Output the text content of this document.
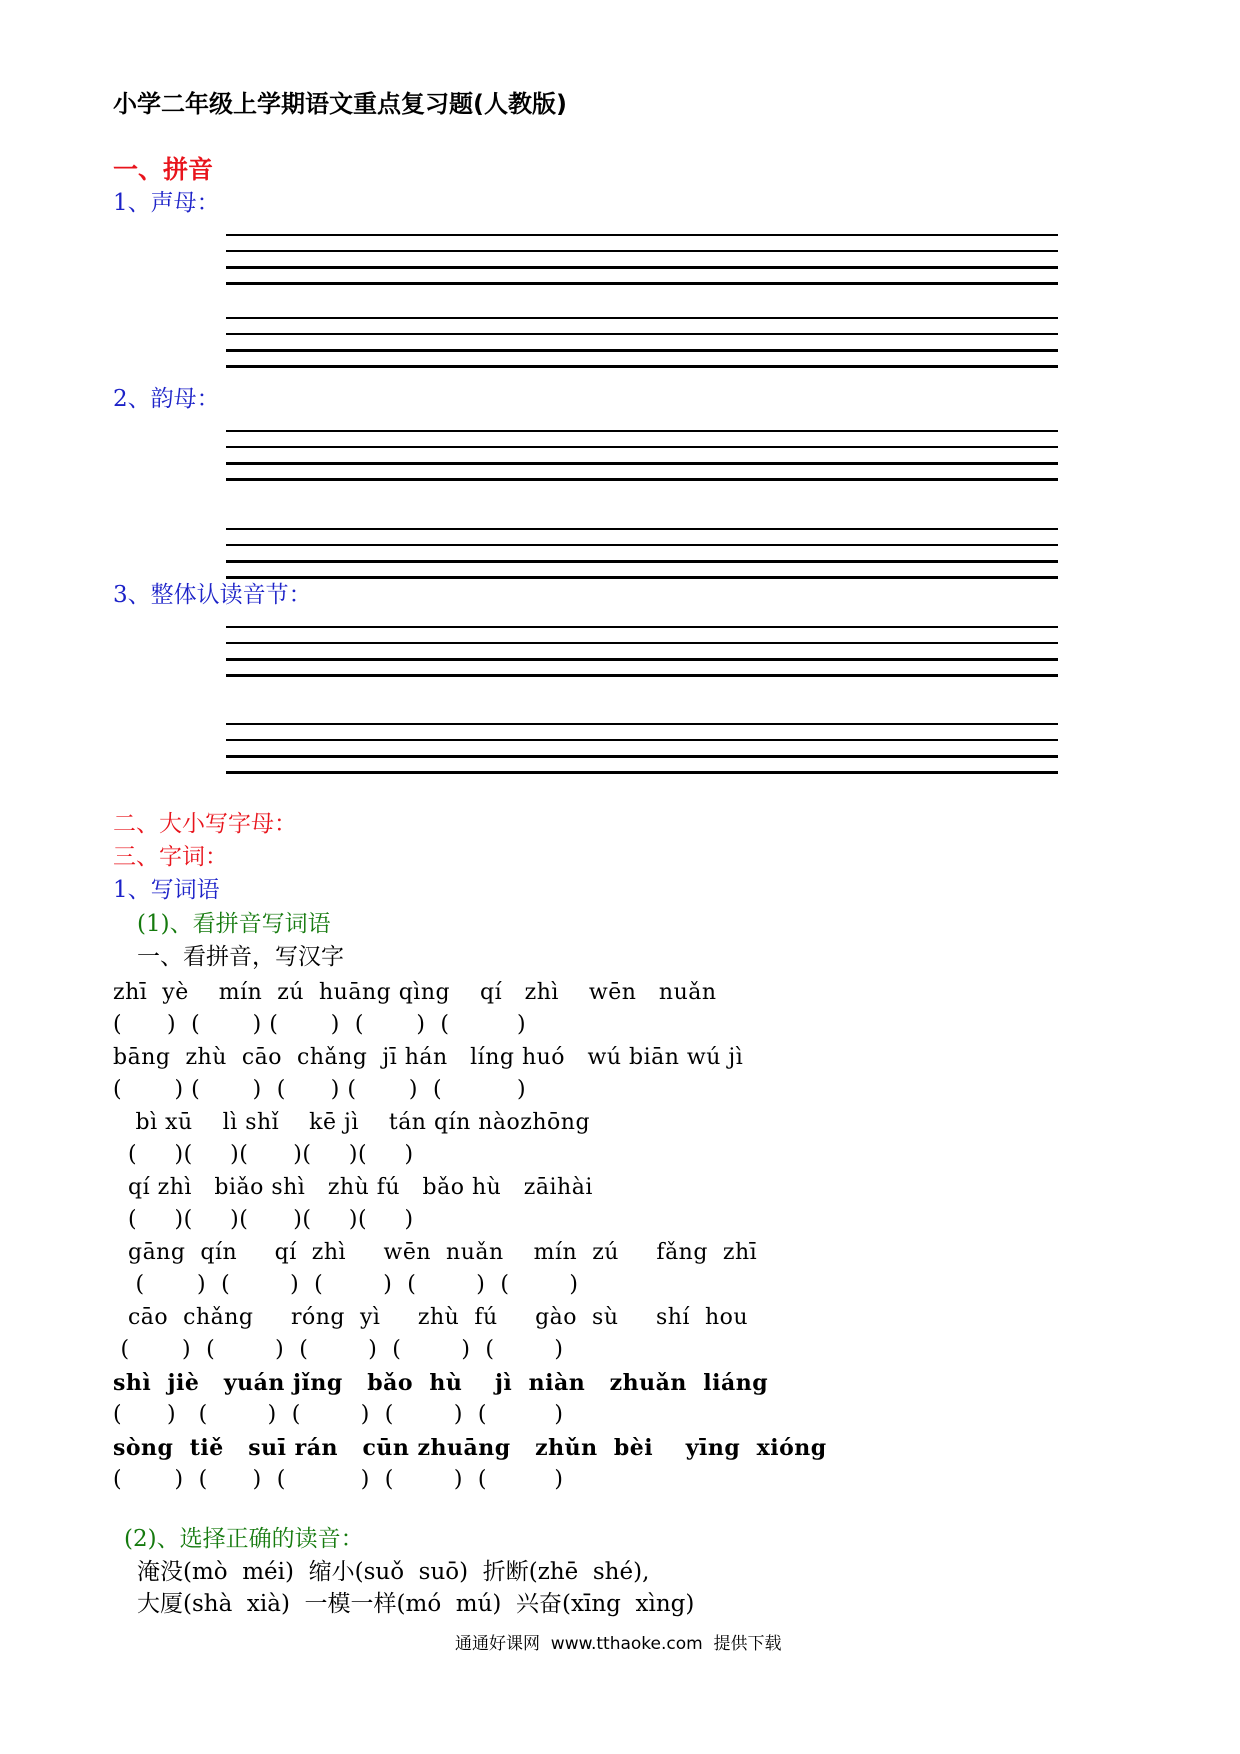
小学二年级上学期语文重点复习题(人教版)
一、拼音
1、声母：
2、韵母：
3、整体认读音节：
二、大小写字母：
三、字词：
1、写词语
(1)、看拼音写词语
一、看拼音，写汉字
zhī  yè    mín  zú  huāng qìng    qí   zhì    wēn   nuǎn
(      )  (       ) (       )  (       )  (         )
bāng  zhù  cāo  chǎng  jī hán   líng huó   wú biān wú jì
(       ) (       )  (      ) (       )  (          )
bì xū    lì shǐ    kē jì    tán qín nàozhōng
(     )(     )(      )(     )(     )
qí zhì   biǎo shì   zhù fú   bǎo hù   zāihài
(     )(     )(      )(     )(     )
gāng  qín     qí  zhì     wēn  nuǎn    mín  zú     fǎng  zhī
(       )  (        )  (        )  (        )  (        )
cāo  chǎng     róng  yì     zhù  fú     gào  sù     shí  hou
(       )  (        )  (        )  (        )  (        )
shì  jiè   yuán jǐng   bǎo  hù    jì  niàn   zhuǎn  liáng
(      )   (        )  (        )  (        )  (         )
sòng  tiě   suī rán   cūn zhuāng   zhǔn  bèi    yīng  xióng
(       )  (      )  (          )  (        )  (         )
(2)、选择正确的读音：
淹没(mò  méi)  缩小(suǒ  suō)  折断(zhē  shé),
大厦(shà  xià)  一模一样(mó  mú)  兴奋(xīng  xìng)
通通好课网  www.tthaoke.com  提供下载
